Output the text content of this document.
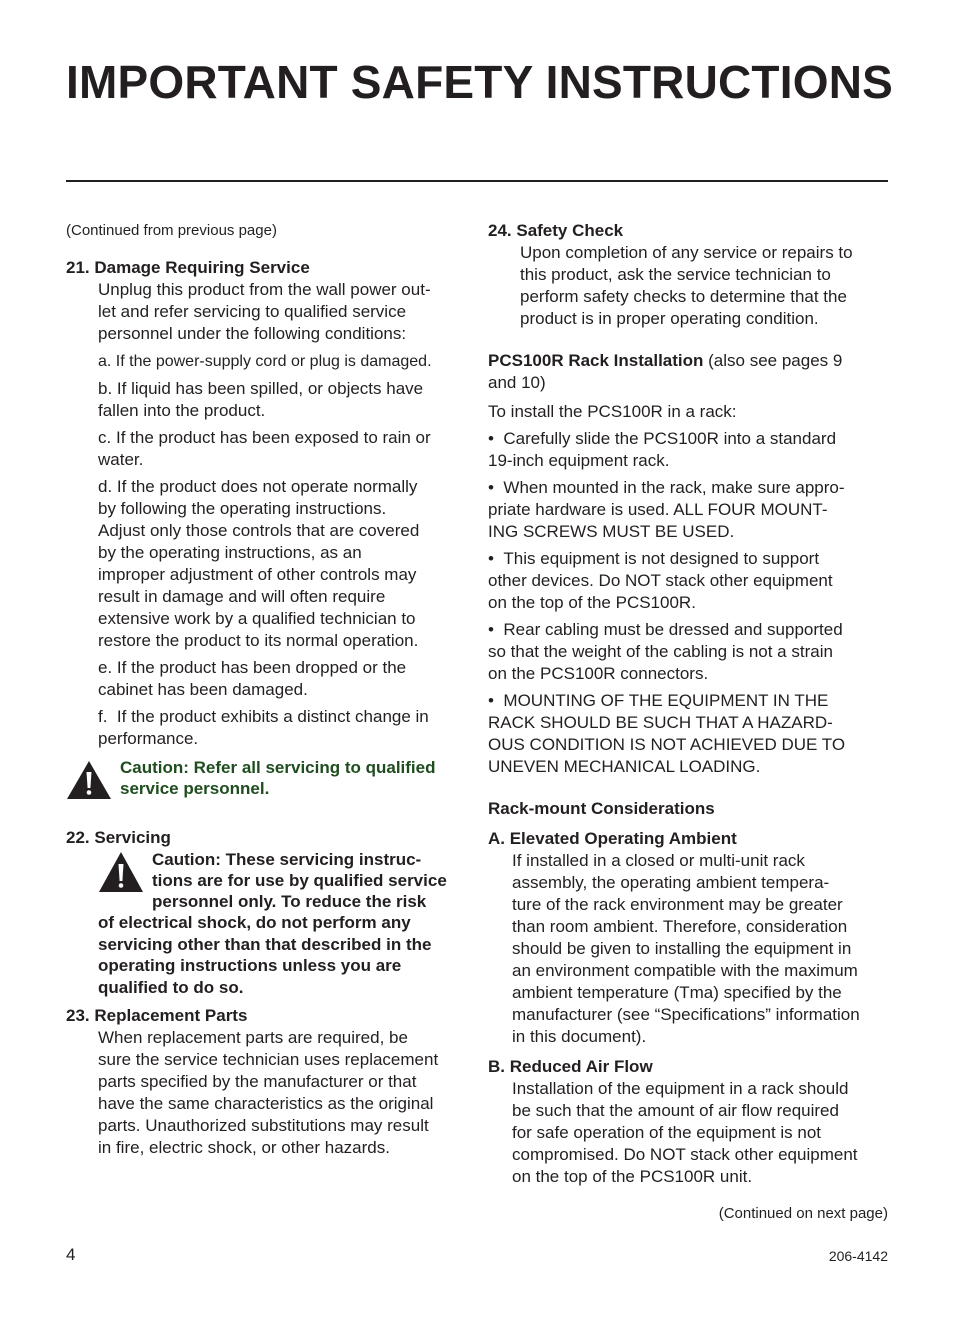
IMPORTANT SAFETY INSTRUCTIONS

(Continued from previous page)

21. Damage Requiring Service

Unplug this product from the wall power out-
let and refer servicing to qualified service
personnel under the following conditions:
a. If the power-supply cord or plug is damaged.
b. If liquid has been spilled, or objects have
fallen into the product.
c. If the product has been exposed to rain or
water.
d. If the product does not operate normally
by following the operating instructions.
Adjust only those controls that are covered
by the operating instructions, as an
improper adjustment of other controls may
result in damage and will often require
extensive work by a qualified technician to
restore the product to its normal operation.
e. If the product has been dropped or the
cabinet has been damaged.
f. If the product exhibits a distinct change in
performance.
Caution: Refer all servicing to qualified
service personnel.

22. Servicing

Caution: These servicing instruc-
tions are for use by qualified service
personnel only. To reduce the risk
of electrical shock, do not perform any
servicing other than that described in the
operating instructions unless you are
qualified to do so.

23. Replacement Parts

When replacement parts are required, be
sure the service technician uses replacement
parts specified by the manufacturer or that
have the same characteristics as the original
parts. Unauthorized substitutions may result
in fire, electric shock, or other hazards.

24. Safety Check

Upon completion of any service or repairs to
this product, ask the service technician to
perform safety checks to determine that the
product is in proper operating condition.
PCS100R Rack Installation (also see pages 9
and 10)

To install the PCS100R in a rack:

•  Carefully slide the PCS100R into a standard
19-inch equipment rack.
•  When mounted in the rack, make sure appro-
priate hardware is used. ALL FOUR MOUNT-
ING SCREWS MUST BE USED.
•  This equipment is not designed to support
other devices. Do NOT stack other equipment
on the top of the PCS100R.
•  Rear cabling must be dressed and supported
so that the weight of the cabling is not a strain
on the PCS100R connectors.
•  MOUNTING OF THE EQUIPMENT IN THE
RACK SHOULD BE SUCH THAT A HAZARD-
OUS CONDITION IS NOT ACHIEVED DUE TO
UNEVEN MECHANICAL LOADING.

Rack-mount Considerations

A. Elevated Operating Ambient

If installed in a closed or multi-unit rack
assembly, the operating ambient tempera-
ture of the rack environment may be greater
than room ambient. Therefore, consideration
should be given to installing the equipment in
an environment compatible with the maximum
ambient temperature (Tma) specified by the
manufacturer (see “Specifications” information
in this document).

B. Reduced Air Flow

Installation of the equipment in a rack should
be such that the amount of air flow required
for safe operation of the equipment is not
compromised. Do NOT stack other equipment
on the top of the PCS100R unit.

(Continued on next page)

4	206-4142
